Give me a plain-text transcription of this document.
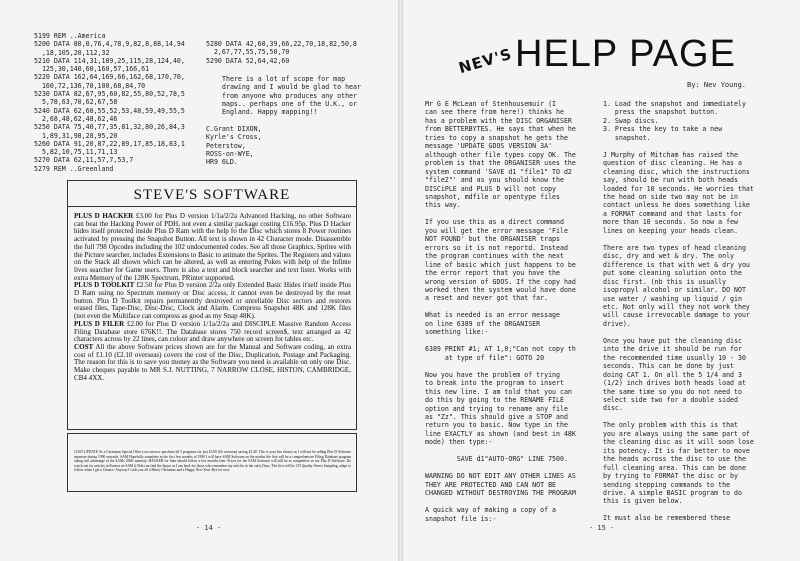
5199 REM ..America
5200 DATA 80,0,76,4,78,9,82,8,88,14,94
,18,105,20,112,32
5210 DATA 114,31,109,25,115,28,124,40,
125,30,140,60,160,57,166,61
5220 DATA 162,64,169,66,162,68,170,70,
160,72,136,70,100,68,84,70
5230 DATA 82,67,95,60,82,55,80,52,78,5
5,78,63,70,62,67,58
5240 DATA 62,60,55,52,53,48,59,49,55,5
2,68,48,62,48,62,46
5250 DATA 75,40,77,35,81,32,80,26,84,3
1,89,31,98,28,95,20
5260 DATA 91,20,87,22,89,17,85,18,83,1
5,82,10,75,11,71,13
5270 DATA 62,11,57,7,53,7
5279 REM ..Greenland
5280 DATA 42,60,39,66,22,70,18,82,50,8
2,67,77,55,75,50,70
5290 DATA 52,64,42,60
There is a lot of scope for map
drawing and I would be glad to hear
from anyone who produces any other
maps.. perhaps one of the U.K., or
England. Happy mapping!!
C.Grant DIXON,
Kyrle's Cross,
Peterstow,
ROSS-on-WYE,
HR9 6LD.
STEVE'S SOFTWARE

PLUS D HACKER £3.00 for Plus D version 1/1a/2/2a Advanced Hacking, no other Software can beat the Hacking Power of PDH, not even a similar package costing £16.95p. Plus D Hacker hides itself protected inside Plus D Ram with the help fo the Disc which stores 8 Power routines activated by pressing the Snapshot Button. All text is shown in 42 Character mode. Disassemble the full 798 Opcodes including the 102 undocumented codes. See all those Graphics, Sprites with the Picture searcher, includes Extensions to Basic to animate the Sprites. The Registers and values on the Stack all shown which can be altered, as well as entering Pokes with help of the Infinte lives searcher for Game users. There is also a text and block searcher and text lister. Works with extra Memory of the 128K Spectrum, PRinter supported.

PLUS D TOOLKIT £2.50 for Plus D version 2/2a only Extended Basic Hides it'self inside Plus D Ram using no Spectrum memory or Disc access, it cannot even be destroyed by the reset button. Plus D Toolkit repairs permanently destroyed or unreliable Disc sectors and restores erased files, Tape-Disc, Disc-Disc, Clock and Alarm. Compress Snapshot 48K and 128K files (not even the Multiface can compress as good as my Snap 48K).

PLUS D FILER £2.00 for Plus D version 1/1a/2/2a and DISCIPLE Massive Random Access Filing Database store 676K!!. The Database stores 750 record screen$, text arranged as 42 characters across by 22 lines, can colour and draw anywhere on screen for tables etc.

COST All the above Software prices shown are for the Manual and Software coding, an extra cost of £1.10 (£2.10 overseas) covers the cost of the Disc, Duplication, Postage and Packaging. The reason for this is to save you money as the Software you need is available on only one Disc. Make cheques payable to MR S.J. NUTTING, 7 NARROW CLOSE, HISTON, CAMBRIDGE, CB4 4XX.

COST UPDATE As a Christmas Special Offer you can now purchase all 3 programs for just £5.00 (£6 overseas) saving £3.40. This is your last chance as I will not be selling Plus D Software anymore during 1990 onwards. SAM Hopefully sometime in the first few months of 1990 I will have SAM Software on the market the first will be a comprehensive Filing Database program taking full advantage of the SAMs 256K memory. HACKER for Sam should follow a few months later. Prices for the SAM Software will still be as competitive as my Plus D Software. Do watch out for articles in Format on SAM if Bob can find the Space as I am back for those who remember my articles in the early Days. The first will be CD Quality Stereo Sampling, adapt to follow when I get a Chance. Anyway I wish you all a Merry Christmas and a Happy New Year. Bye for now.
- 14 -
NEV'S HELP PAGE
By: Nev Young.
Mr G E McLean of Stenhousemuir (I
can see there from here!) thinks he
has a problem with the DISC ORGANISER
from BETTERBYTES. He says that when he
tries to copy a snapshot he gets the
message 'UPDATE GDOS VERSION 3A'
although other file types copy OK. The
problem is that the ORGANISER uses the
system command 'SAVE d1 "file1" TO d2
"file2"' and as you should know the
DISCiPLE and PLUS D will not copy
snapshot, mdfile or opentype files
this way.
If you use this as a direct command
you will get the error message 'File
NOT FOUND' but the ORGANISER traps
errors so it is not reportd. Instead
the program continues with the next
line of basic which just happens to be
the error report that you have the
wrong version of GDOS. If the copy had
worked then the system would have done
a reset and never got that far.
What is needed is an error message
on line 6389 of the ORGANISER
something like:-
6389 PRINT #1; AT 1,0;"Can not copy th
at type of file": GOTO 20
Now you have the problem of trying
to break into the program to insert
this new line. I am told that you can
do this by going to the RENAME FILE
option and trying to rename any file
as "Zz". This should give a STOP and
return you to basic. Now type in the
line EXACTLY as shown (and best in 48K
mode) then type:-
SAVE d1"AUTO-ORG" LINE 7500.
WARNING DO NOT EDIT ANY OTHER LINES AS
THEY ARE PROTECTED AND CAN NOT BE
CHANGED WITHOUT DESTROYING THE PROGRAM
A quick way of making a copy of a
snapshot file is:-
1. Load the snapshot and immediately
press the snapshot button.
2. Swap discs.
3. Press the key to take a new
snapshot.
J Murphy of Mitcham has raised the
question of disc cleaning. He has a
cleaning disc, which the instructions
say, should be run with both heads
loaded for 10 seconds. He worries that
the head on side two may not be in
contact unless he does something like
a FORMAT command and that lasts for
more than 10 seconds. So now a few
lines on keeping your heads clean.
There are two types of head cleaning
disc, dry and wet & dry. The only
difference is that with wet & dry you
put some cleaning solution onto the
disc first. (nb this is usually
isopropyl alcohol or similar. DO NOT
use water / washing up liquid / gin
etc. Not only will they not work they
will cause irrevocable damage to your
drive).
Once you have put the cleaning disc
into the drive it should be run for
the recommended time usually 10 - 30
seconds. This can be done by just
doing CAT 1. On all the 5 1/4 and 3
(1/2) inch drives both heads load at
the same time so you do not need to
select side two for a double sided
disc.
The only problem with this is that
you are always using the same part of
the cleaning disc as it will soon lose
its potency. It is far better to move
the heads across the disc to use the
full cleaning area. This can be done
by trying to FORMAT the disc or by
sending stepping commands to the
drive. A simple BASIC program to do
this is given below.
It must also be remembered these
- 15 -
